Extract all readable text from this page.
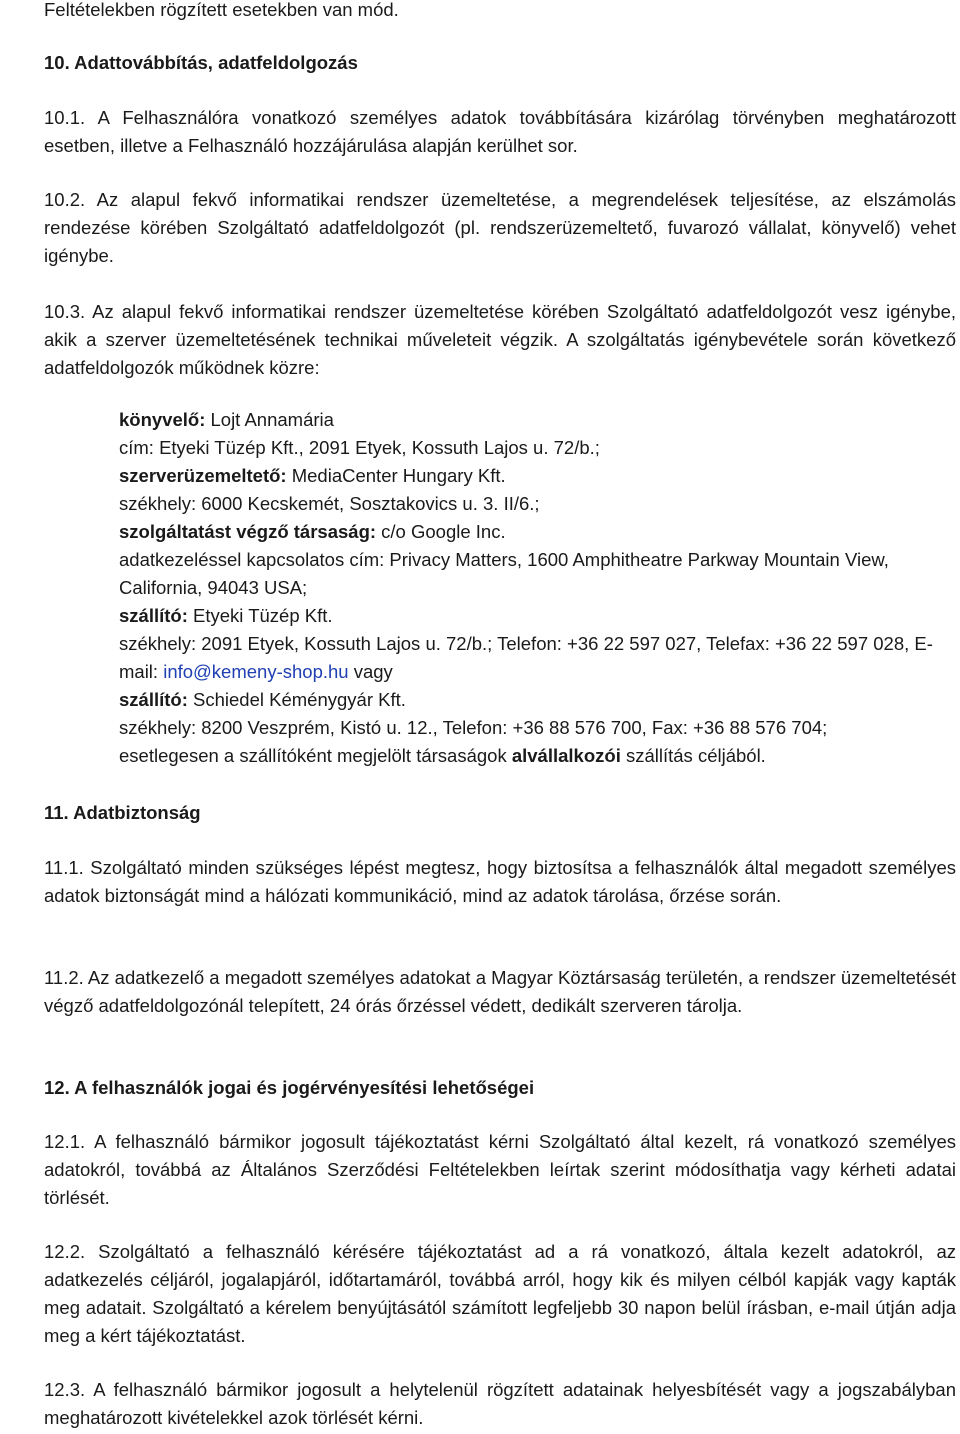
Feltételekben rögzített esetekben van mód.

10. Adattovábbítás, adatfeldolgozás

10.1. A Felhasználóra vonatkozó személyes adatok továbbítására kizárólag törvényben meghatározott esetben, illetve a Felhasználó hozzájárulása alapján kerülhet sor.

10.2. Az alapul fekvő informatikai rendszer üzemeltetése, a megrendelések teljesítése, az elszámolás rendezése körében Szolgáltató adatfeldolgozót (pl. rendszerüzemeltető, fuvarozó vállalat, könyvelő) vehet igénybe.

10.3. Az alapul fekvő informatikai rendszer üzemeltetése körében Szolgáltató adatfeldolgozót vesz igénybe, akik a szerver üzemeltetésének technikai műveleteit végzik. A szolgáltatás igénybevétele során következő adatfeldolgozók működnek közre:

könyvelő: Lojt Annamária
cím: Etyeki Tüzép Kft., 2091 Etyek, Kossuth Lajos u. 72/b.;
szerverüzemeltető: MediaCenter Hungary Kft.
székhely: 6000 Kecskemét, Sosztakovics u. 3. II/6.;
szolgáltatást végző társaság: c/o Google Inc.
adatkezeléssel kapcsolatos cím: Privacy Matters, 1600 Amphitheatre Parkway Mountain View, California, 94043 USA;
szállító: Etyeki Tüzép Kft.
székhely: 2091 Etyek, Kossuth Lajos u. 72/b.; Telefon: +36 22 597 027, Telefax: +36 22 597 028, E-mail: info@kemeny-shop.hu vagy
szállító: Schiedel Kéménygyár Kft.
székhely: 8200 Veszprém, Kistó u. 12., Telefon: +36 88 576 700, Fax: +36 88 576 704;
esetlegesen a szállítóként megjelölt társaságok alvállalkozói szállítás céljából.

11. Adatbiztonság

11.1. Szolgáltató minden szükséges lépést megtesz, hogy biztosítsa a felhasználók által megadott személyes adatok biztonságát mind a hálózati kommunikáció, mind az adatok tárolása, őrzése során.

11.2. Az adatkezelő a megadott személyes adatokat a Magyar Köztársaság területén, a rendszer üzemeltetését végző adatfeldolgozónál telepített, 24 órás őrzéssel védett, dedikált szerveren tárolja.

12. A felhasználók jogai és jogérvényesítési lehetőségei

12.1. A felhasználó bármikor jogosult tájékoztatást kérni Szolgáltató által kezelt, rá vonatkozó személyes adatokról, továbbá az Általános Szerződési Feltételekben leírtak szerint módosíthatja vagy kérheti adatai törlését.

12.2. Szolgáltató a felhasználó kérésére tájékoztatást ad a rá vonatkozó, általa kezelt adatokról, az adatkezelés céljáról, jogalapjáról, időtartamáról, továbbá arról, hogy kik és milyen célból kapják vagy kapták meg adatait. Szolgáltató a kérelem benyújtásától számított legfeljebb 30 napon belül írásban, e-mail útján adja meg a kért tájékoztatást.

12.3. A felhasználó bármikor jogosult a helytelenül rögzített adatainak helyesbítését vagy a jogszabályban meghatározott kivételekkel azok törlését kérni.
